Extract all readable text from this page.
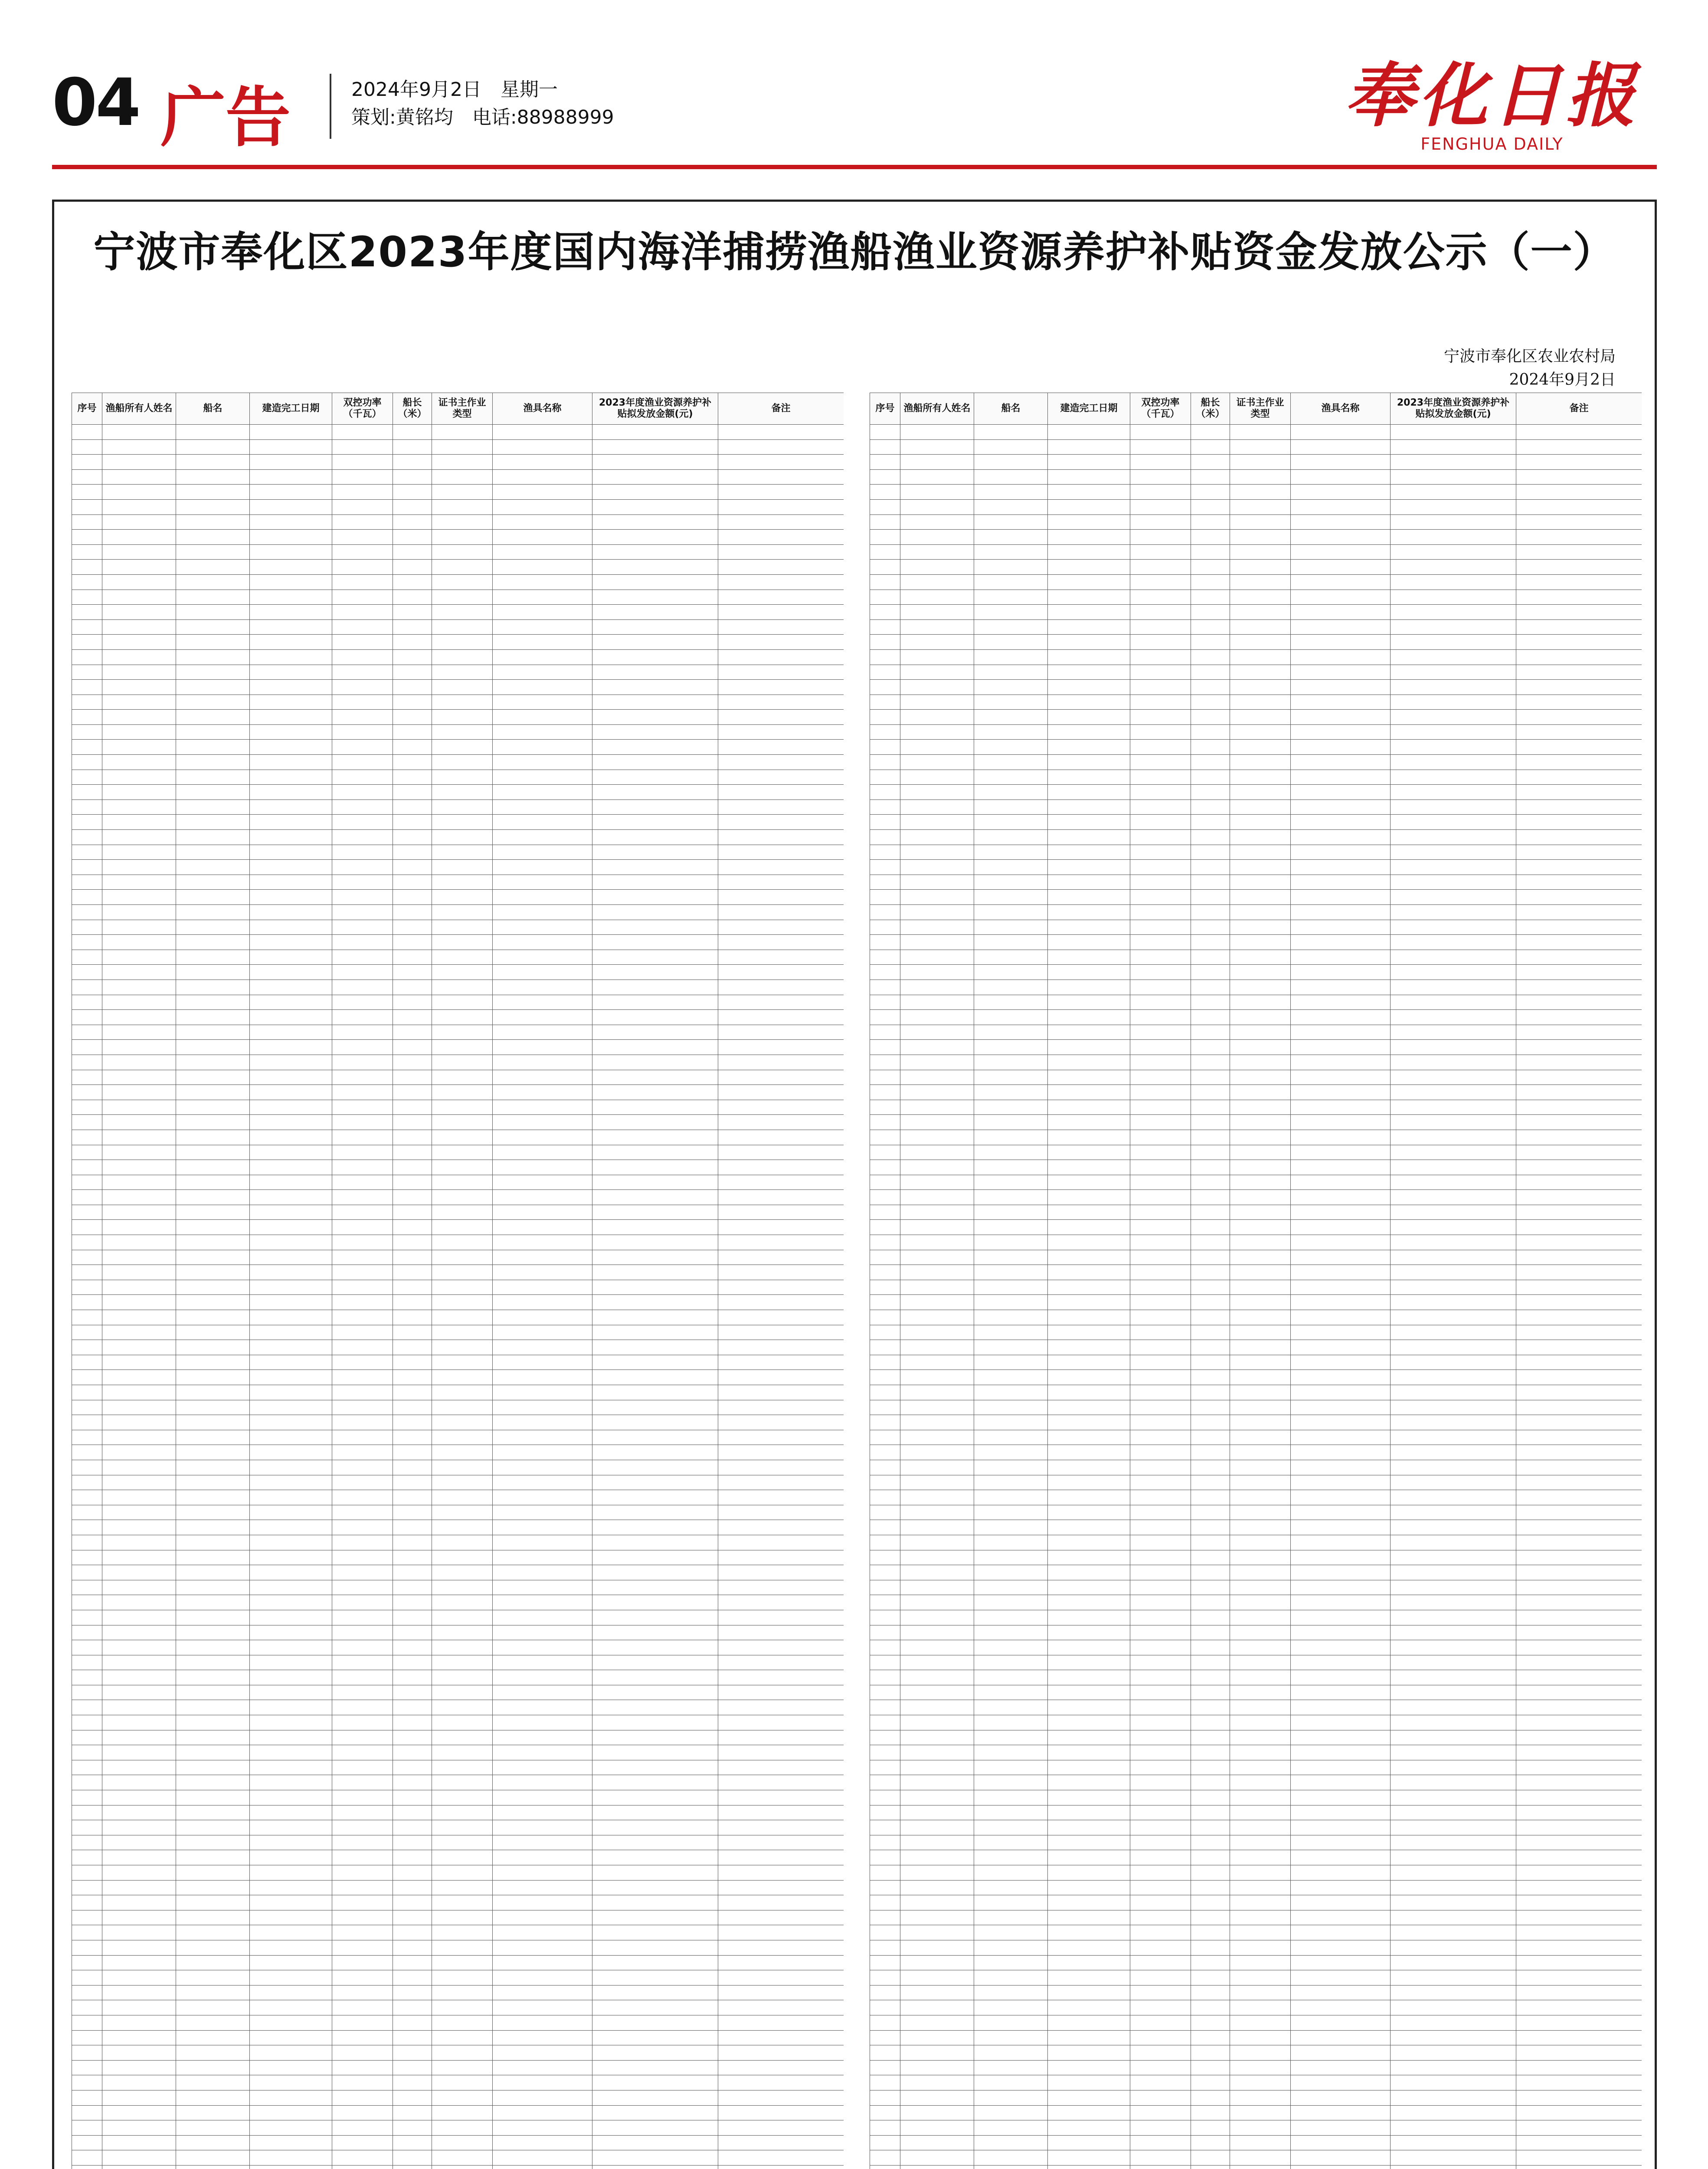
04 广告	2024年9月2日　星期一
策划:黄铭均　电话:88988999	奉化日报
FENGHUA DAILY
宁波市奉化区2023年度国内海洋捕捞渔船渔业资源养护补贴资金发放公示（一）
宁波市奉化区农业农村局
2024年9月2日
序号	渔船所有人姓名	船名	建造完工日期	双控功率（千瓦）	船长（米）	证书主作业类型	渔具名称	2023年度渔业资源养护补贴拟发放金额(元)	备注

										序号	渔船所有人姓名	船名	建造完工日期	双控功率（千瓦）	船长（米）	证书主作业类型	渔具名称	2023年度渔业资源养护补贴拟发放金额(元)	备注
